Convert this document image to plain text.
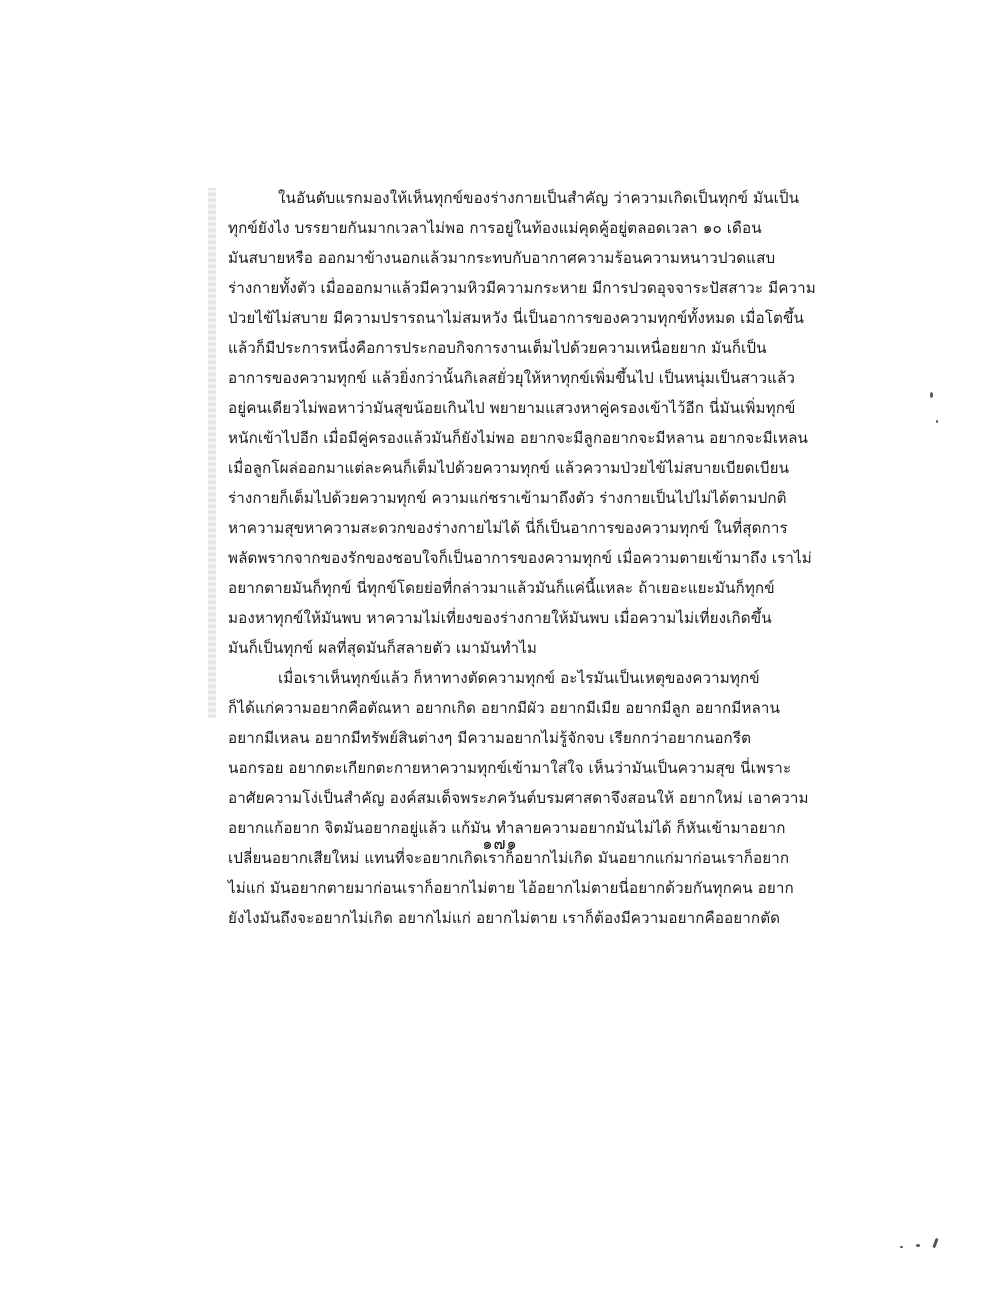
ในอันดับแรกมองให้เห็นทุกข์ของร่างกายเป็นสำคัญ ว่าความเกิดเป็นทุกข์ มันเป็น
ทุกข์ยังไง บรรยายกันมากเวลาไม่พอ การอยู่ในท้องแม่คุดคู้อยู่ตลอดเวลา ๑๐ เดือน
มันสบายหรือ ออกมาข้างนอกแล้วมากระทบกับอากาศความร้อนความหนาวปวดแสบ
ร่างกายทั้งตัว เมื่อออกมาแล้วมีความหิวมีความกระหาย มีการปวดอุจจาระปัสสาวะ มีความ
ป่วยไข้ไม่สบาย มีความปรารถนาไม่สมหวัง นี่เป็นอาการของความทุกข์ทั้งหมด เมื่อโตขึ้น
แล้วก็มีประการหนึ่งคือการประกอบกิจการงานเต็มไปด้วยความเหนื่อยยาก มันก็เป็น
อาการของความทุกข์ แล้วยิ่งกว่านั้นกิเลสยั่วยุให้หาทุกข์เพิ่มขึ้นไป เป็นหนุ่มเป็นสาวแล้ว
อยู่คนเดียวไม่พอหาว่ามันสุขน้อยเกินไป พยายามแสวงหาคู่ครองเข้าไว้อีก นี่มันเพิ่มทุกข์
หนักเข้าไปอีก เมื่อมีคู่ครองแล้วมันก็ยังไม่พอ อยากจะมีลูกอยากจะมีหลาน อยากจะมีเหลน
เมื่อลูกโผล่ออกมาแต่ละคนก็เต็มไปด้วยความทุกข์ แล้วความป่วยไข้ไม่สบายเบียดเบียน
ร่างกายก็เต็มไปด้วยความทุกข์ ความแก่ชราเข้ามาถึงตัว ร่างกายเป็นไปไม่ได้ตามปกติ
หาความสุขหาความสะดวกของร่างกายไม่ได้ นี่ก็เป็นอาการของความทุกข์ ในที่สุดการ
พลัดพรากจากของรักของชอบใจก็เป็นอาการของความทุกข์ เมื่อความตายเข้ามาถึง เราไม่
อยากตายมันก็ทุกข์ นี่ทุกข์โดยย่อที่กล่าวมาแล้วมันก็แค่นี้แหละ ถ้าเยอะแยะมันก็ทุกข์
มองหาทุกข์ให้มันพบ หาความไม่เที่ยงของร่างกายให้มันพบ เมื่อความไม่เที่ยงเกิดขึ้น
มันก็เป็นทุกข์ ผลที่สุดมันก็สลายตัว เมามันทำไม
เมื่อเราเห็นทุกข์แล้ว ก็หาทางตัดความทุกข์ อะไรมันเป็นเหตุของความทุกข์
ก็ได้แก่ความอยากคือตัณหา อยากเกิด อยากมีผัว อยากมีเมีย อยากมีลูก อยากมีหลาน
อยากมีเหลน อยากมีทรัพย์สินต่างๆ มีความอยากไม่รู้จักจบ เรียกกว่าอยากนอกรีต
นอกรอย อยากตะเกียกตะกายหาความทุกข์เข้ามาใส่ใจ เห็นว่ามันเป็นความสุข นี่เพราะ
อาศัยความโง่เป็นสำคัญ องค์สมเด็จพระภควันต์บรมศาสดาจึงสอนให้ อยากใหม่ เอาความ
อยากแก้อยาก จิตมันอยากอยู่แล้ว แก้มัน ทำลายความอยากมันไม่ได้ ก็หันเข้ามาอยาก
เปลี่ยนอยากเสียใหม่ แทนที่จะอยากเกิดเราก็อยากไม่เกิด มันอยากแก่มาก่อนเราก็อยาก
ไม่แก่ มันอยากตายมาก่อนเราก็อยากไม่ตาย ไอ้อยากไม่ตายนี่อยากด้วยกันทุกคน อยาก
ยังไงมันถึงจะอยากไม่เกิด อยากไม่แก่ อยากไม่ตาย เราก็ต้องมีความอยากคืออยากตัด
๑๗๑
